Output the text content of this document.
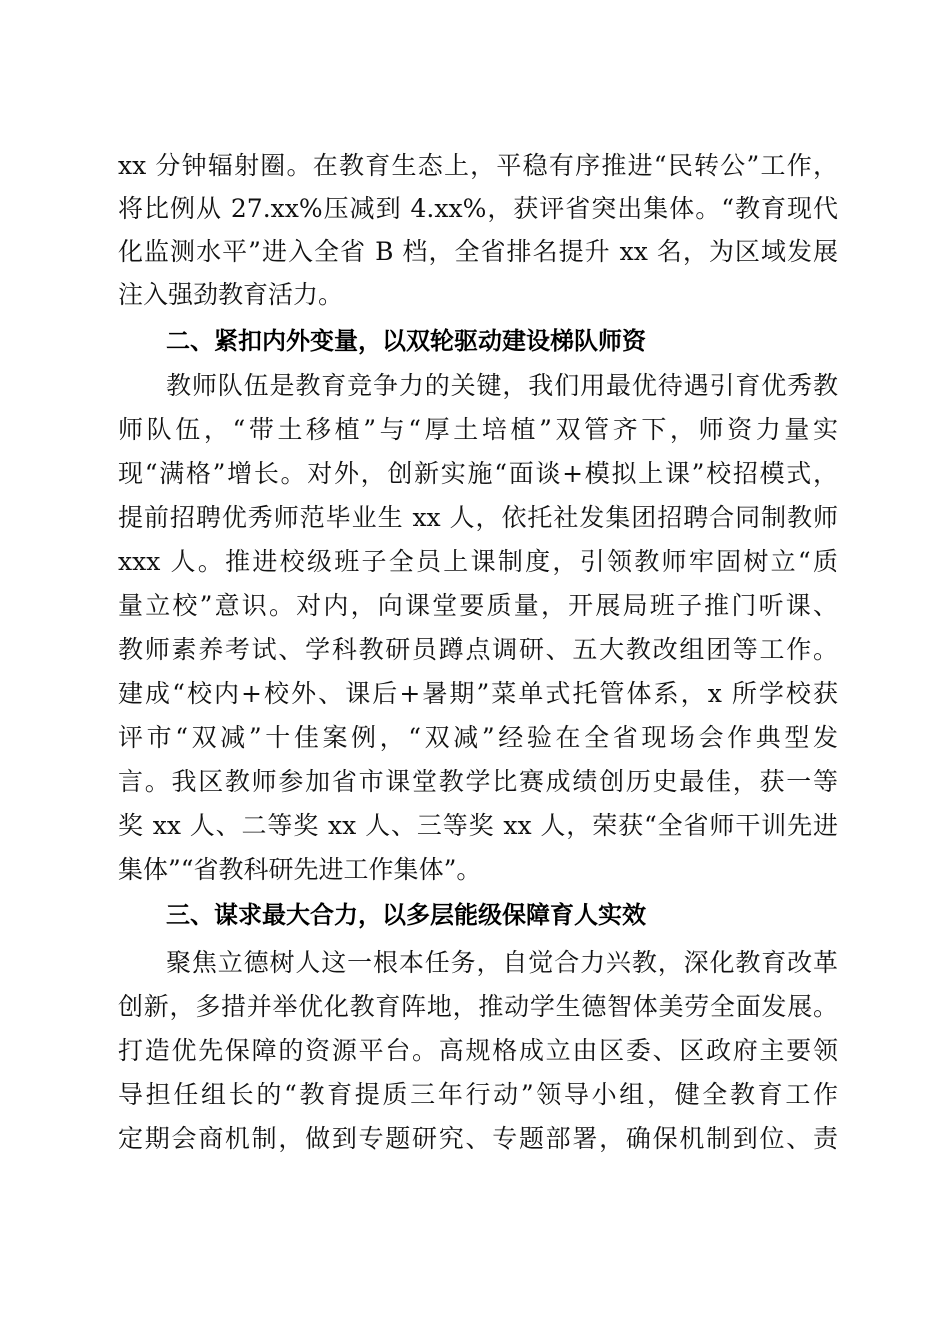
xx 分钟辐射圈。在教育生态上，平稳有序推进“民转公”工作，
将比例从 27.xx%压减到 4.xx%，获评省突出集体。“教育现代
化监测水平”进入全省 B 档，全省排名提升 xx 名，为区域发展
注入强劲教育活力。
二、紧扣内外变量，以双轮驱动建设梯队师资
教师队伍是教育竞争力的关键，我们用最优待遇引育优秀教
师队伍，“带土移植”与“厚土培植”双管齐下，师资力量实
现“满格”增长。对外，创新实施“面谈+模拟上课”校招模式，
提前招聘优秀师范毕业生 xx 人，依托社发集团招聘合同制教师
xxx 人。推进校级班子全员上课制度，引领教师牢固树立“质
量立校”意识。对内，向课堂要质量，开展局班子推门听课、
教师素养考试、学科教研员蹲点调研、五大教改组团等工作。
建成“校内+校外、课后+暑期”菜单式托管体系，x 所学校获
评市“双减”十佳案例，“双减”经验在全省现场会作典型发
言。我区教师参加省市课堂教学比赛成绩创历史最佳，获一等
奖 xx 人、二等奖 xx 人、三等奖 xx 人，荣获“全省师干训先进
集体”“省教科研先进工作集体”。
三、谋求最大合力，以多层能级保障育人实效
聚焦立德树人这一根本任务，自觉合力兴教，深化教育改革
创新，多措并举优化教育阵地，推动学生德智体美劳全面发展。
打造优先保障的资源平台。高规格成立由区委、区政府主要领
导担任组长的“教育提质三年行动”领导小组，健全教育工作
定期会商机制，做到专题研究、专题部署，确保机制到位、责
